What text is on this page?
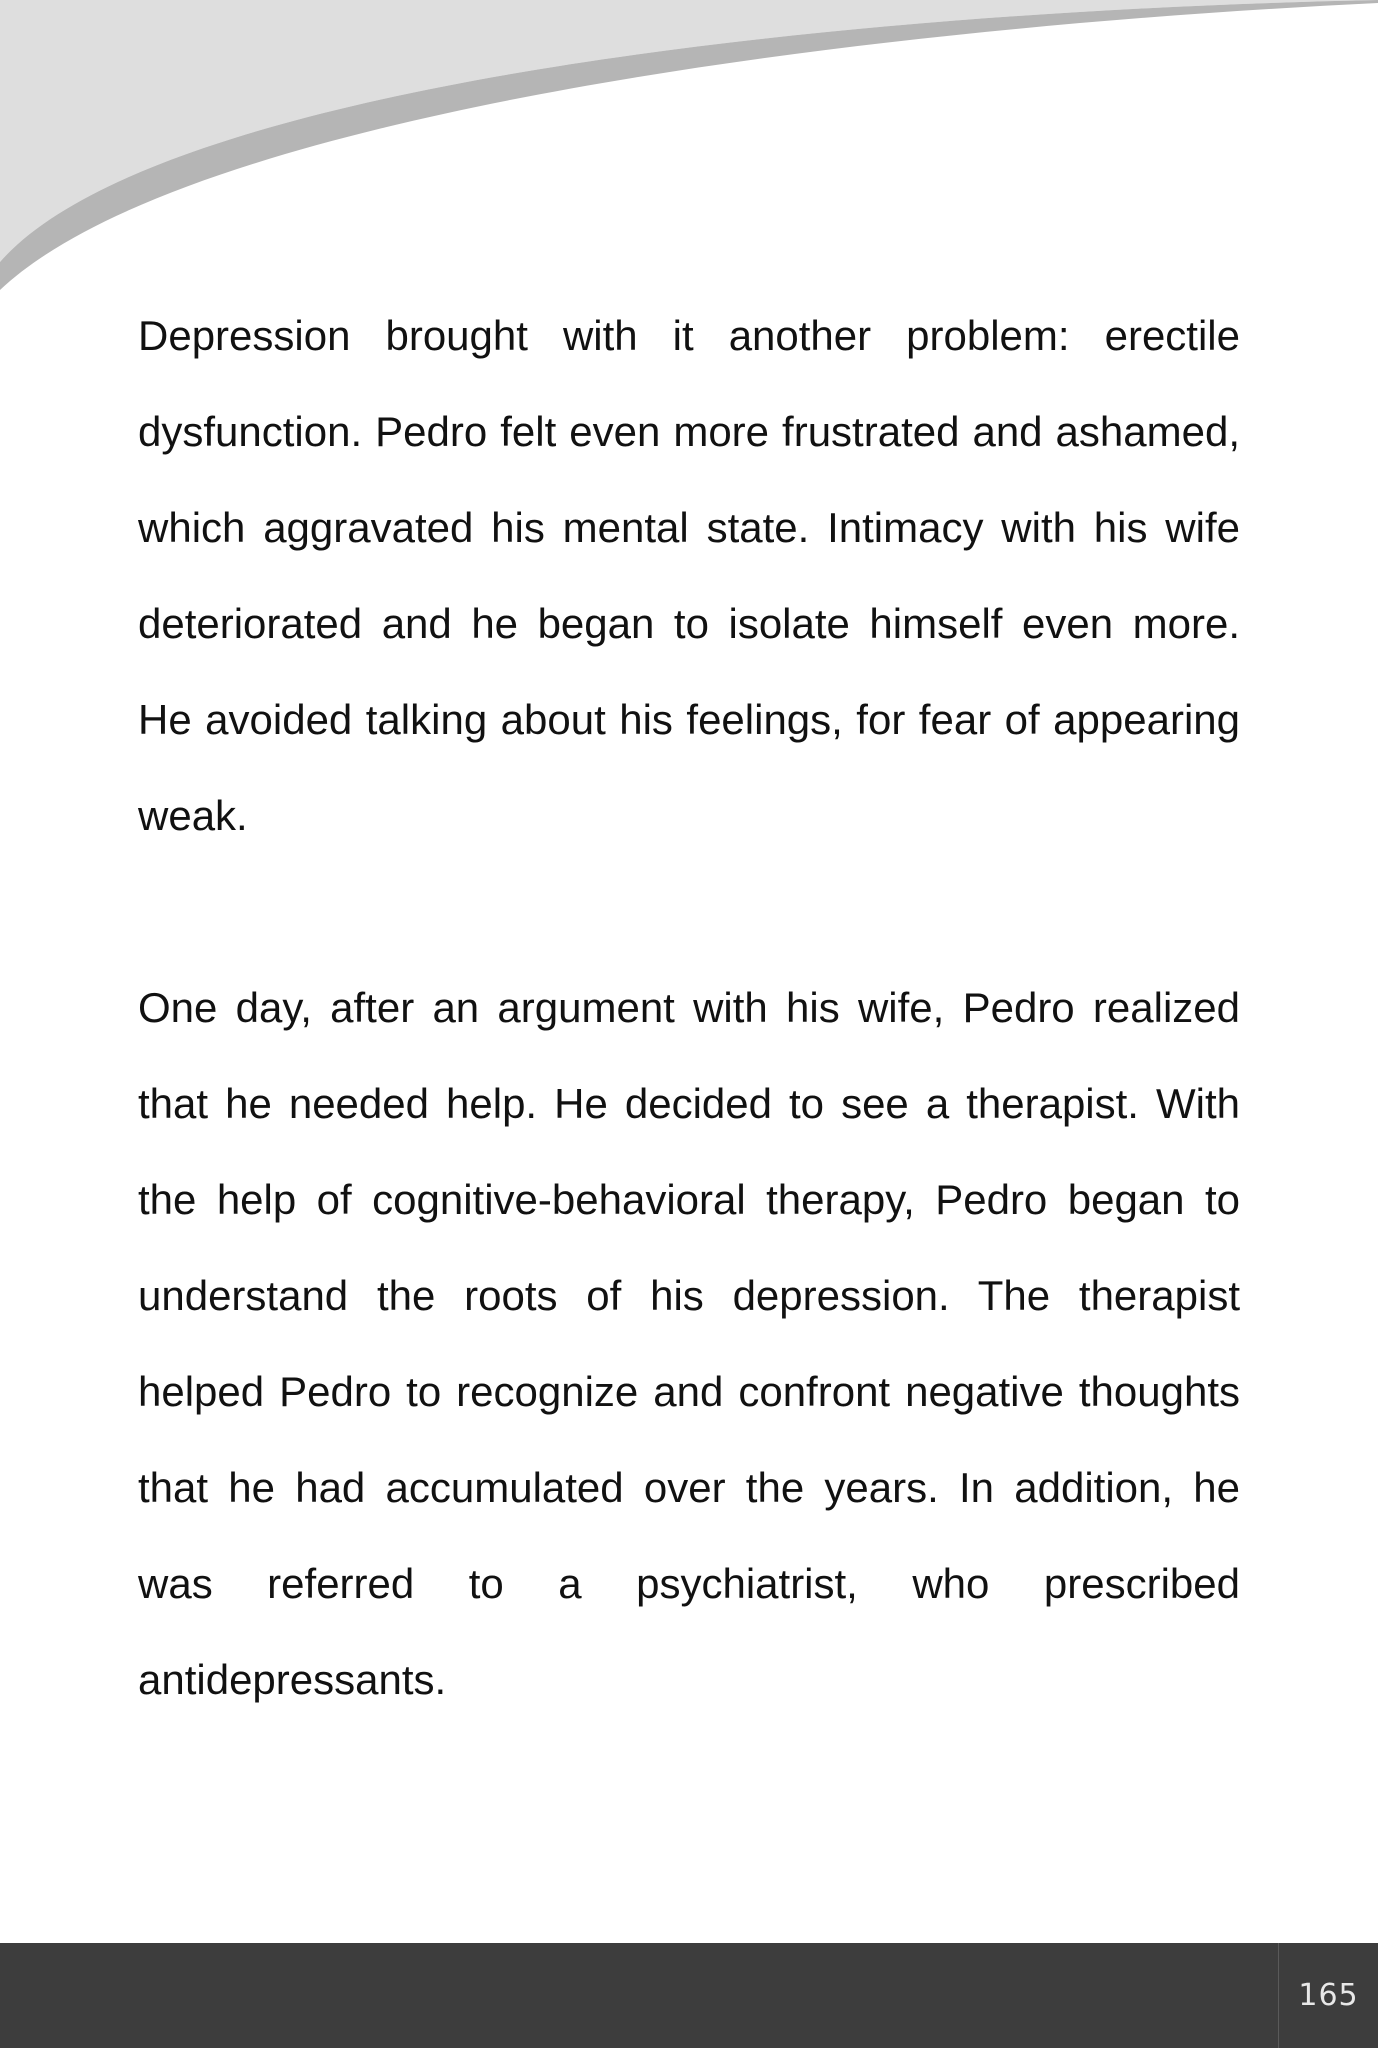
Depression brought with it another problem: erectile dysfunction. Pedro felt even more frustrated and ashamed, which aggravated his mental state. Intimacy with his wife deteriorated and he began to isolate himself even more. He avoided talking about his feelings, for fear of appearing weak.

One day, after an argument with his wife, Pedro realized that he needed help. He decided to see a therapist. With the help of cognitive-behavioral therapy, Pedro began to understand the roots of his depression. The therapist helped Pedro to recognize and confront negative thoughts that he had accumulated over the years. In addition, he was referred to a psychiatrist, who prescribed antidepressants.

165
